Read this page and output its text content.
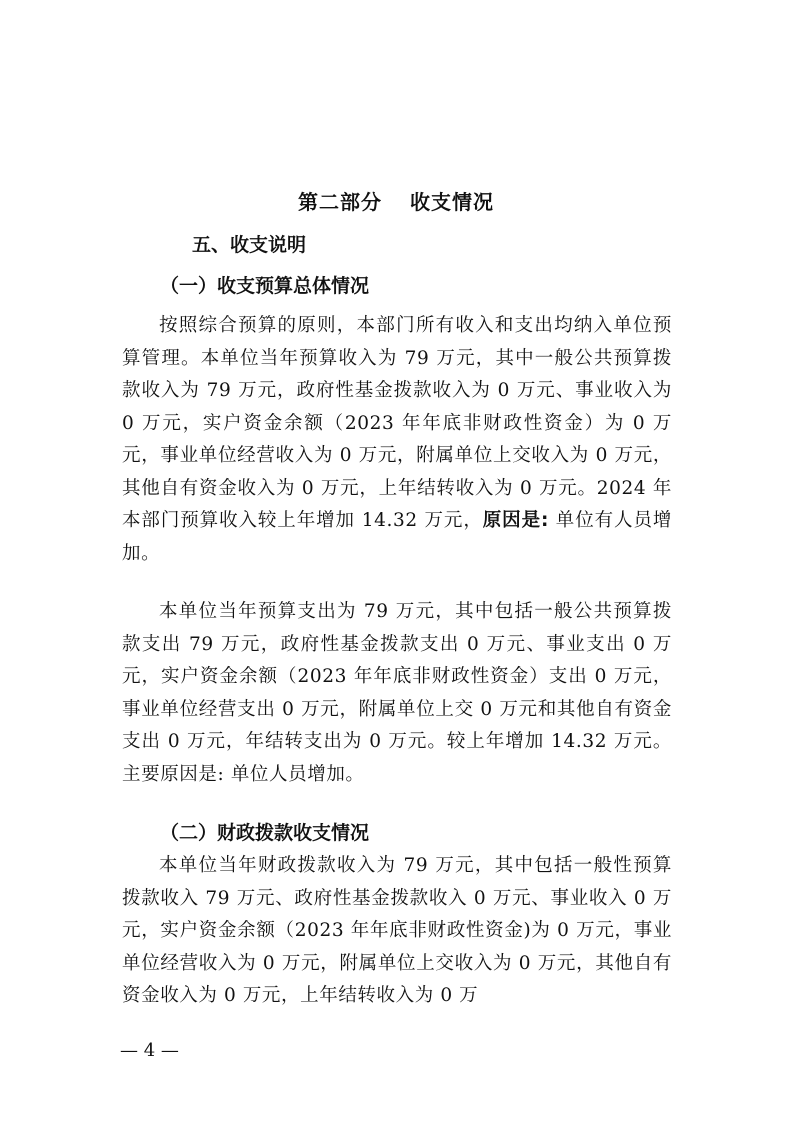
第二部分 收支情况
五、收支说明
（一）收支预算总体情况

按照综合预算的原则，本部门所有收入和支出均纳入单位预算管理。本单位当年预算收入为 79 万元，其中一般公共预算拨款收入为 79 万元，政府性基金拨款收入为 0 万元、事业收入为 0 万元，实户资金余额（2023 年年底非财政性资金）为 0 万元，事业单位经营收入为 0 万元，附属单位上交收入为 0 万元，其他自有资金收入为 0 万元，上年结转收入为 0 万元。2024 年本部门预算收入较上年增加 14.32 万元，原因是: 单位有人员增加。

本单位当年预算支出为 79 万元，其中包括一般公共预算拨款支出 79 万元，政府性基金拨款支出 0 万元、事业支出 0 万元，实户资金余额（2023 年年底非财政性资金）支出 0 万元，事业单位经营支出 0 万元，附属单位上交 0 万元和其他自有资金支出 0 万元，年结转支出为 0 万元。较上年增加 14.32 万元。主要原因是: 单位人员增加。

（二）财政拨款收支情况

本单位当年财政拨款收入为 79 万元，其中包括一般性预算拨款收入 79 万元、政府性基金拨款收入 0 万元、事业收入 0 万元，实户资金余额（2023 年年底非财政性资金)为 0 万元，事业单位经营收入为 0 万元，附属单位上交收入为 0 万元，其他自有资金收入为 0 万元，上年结转收入为 0 万

— 4 —
